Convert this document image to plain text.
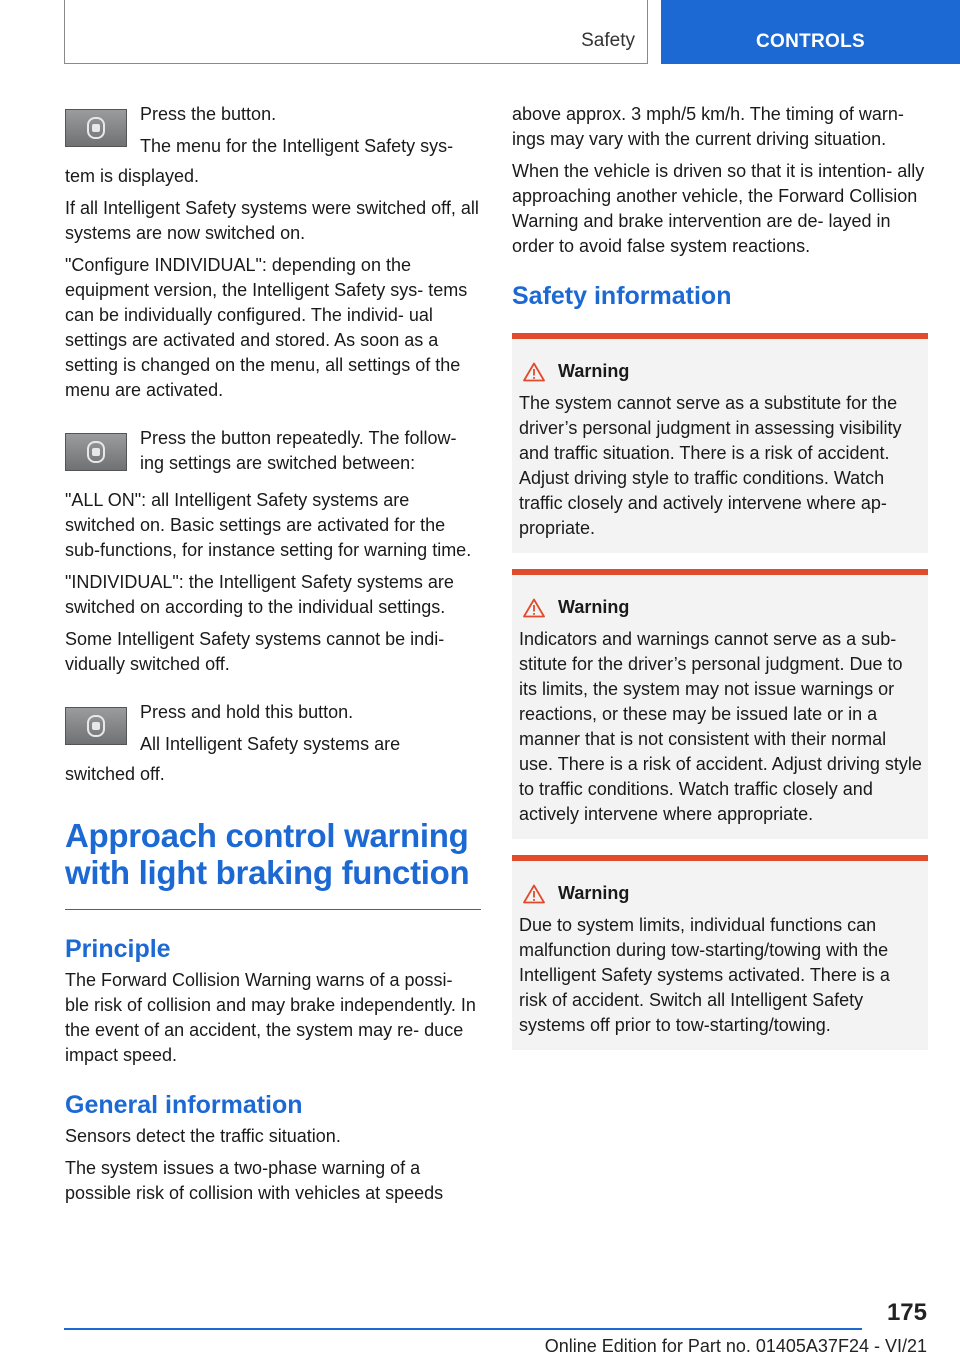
Safety	CONTROLS

Press the button.

The menu for the Intelligent Safety sys‐

tem is displayed.

If all Intelligent Safety systems were switched off, all systems are now switched on.

"Configure INDIVIDUAL": depending on the equipment version, the Intelligent Safety sys‐ tems can be individually configured. The individ‐ ual settings are activated and stored. As soon as a setting is changed on the menu, all settings of the menu are activated.

Press the button repeatedly. The follow‐ ing settings are switched between:

"ALL ON": all Intelligent Safety systems are switched on. Basic settings are activated for the sub-functions, for instance setting for warning time.

"INDIVIDUAL": the Intelligent Safety systems are switched on according to the individual settings.

Some Intelligent Safety systems cannot be indi‐ vidually switched off.

Press and hold this button.

All Intelligent Safety systems are

switched off.

Approach control warning with light braking function
Principle

The Forward Collision Warning warns of a possi‐ ble risk of collision and may brake independently. In the event of an accident, the system may re‐ duce impact speed.

General information

Sensors detect the traffic situation.

The system issues a two-phase warning of a possible risk of collision with vehicles at speeds

above approx. 3 mph/5 km/h. The timing of warn‐ ings may vary with the current driving situation.

When the vehicle is driven so that it is intention‐ ally approaching another vehicle, the Forward Collision Warning and brake intervention are de‐ layed in order to avoid false system reactions.

Safety information
Warning

The system cannot serve as a substitute for the driver’s personal judgment in assessing visibility and traffic situation. There is a risk of accident. Adjust driving style to traffic conditions. Watch traffic closely and actively intervene where ap‐ propriate.

Warning

Indicators and warnings cannot serve as a sub‐ stitute for the driver’s personal judgment. Due to its limits, the system may not issue warnings or reactions, or these may be issued late or in a manner that is not consistent with their normal use. There is a risk of accident. Adjust driving style to traffic conditions. Watch traffic closely and actively intervene where appropriate.

Warning

Due to system limits, individual functions can malfunction during tow-starting/towing with the Intelligent Safety systems activated. There is a risk of accident. Switch all Intelligent Safety systems off prior to tow-starting/towing.

175
Online Edition for Part no. 01405A37F24 - VI/21
